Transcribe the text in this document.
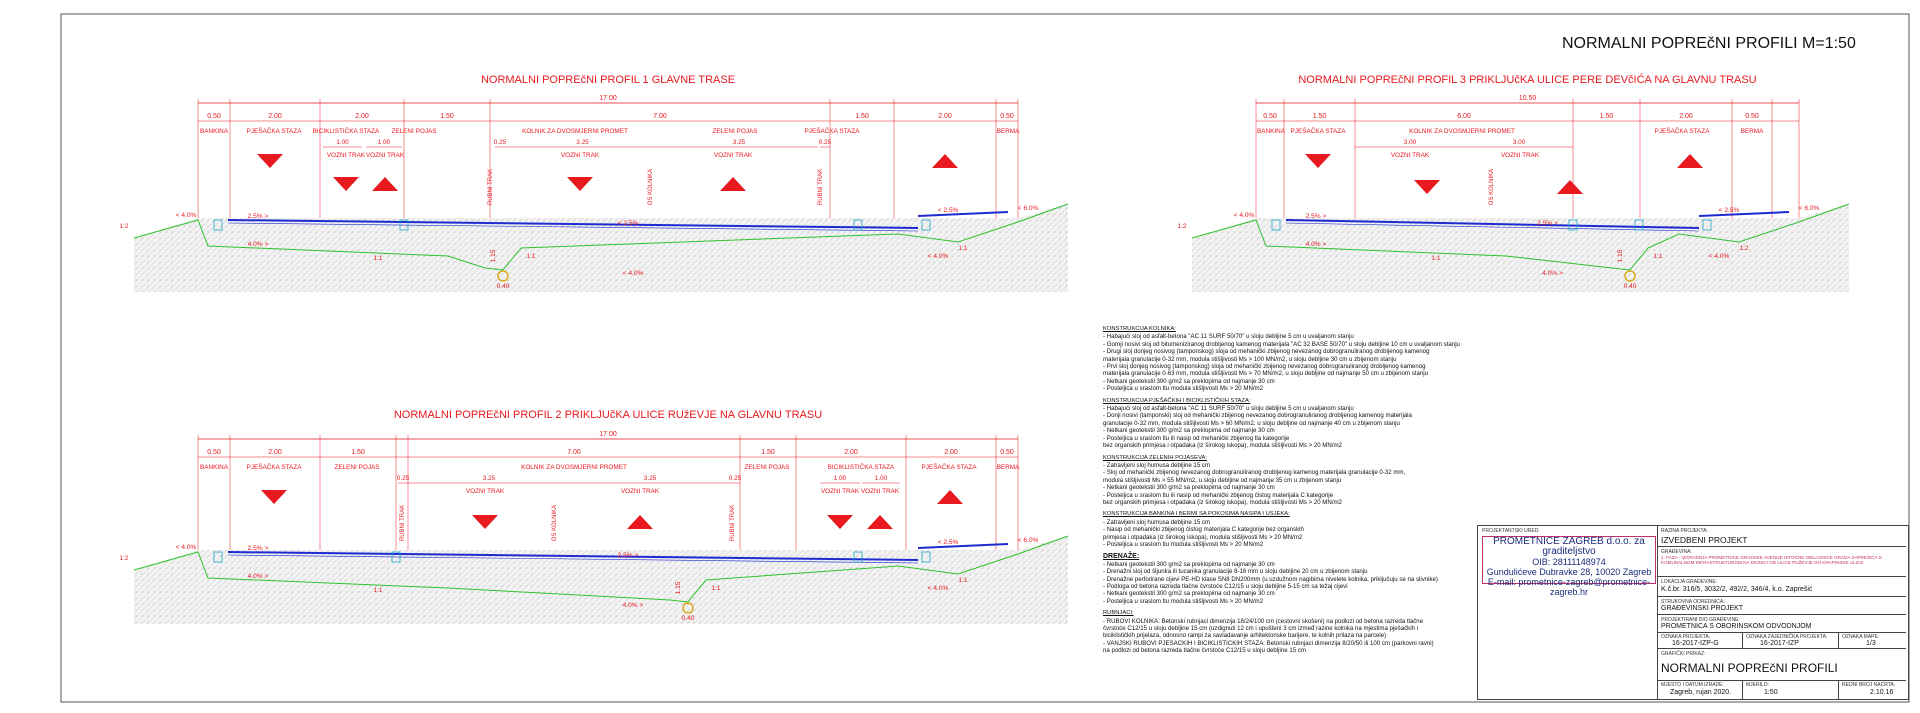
NORMALNI POPREčNI PROFILI M=1:50
NORMALNI POPREčNI PROFIL 1 GLAVNE TRASE
17.00
0.50	2.00	2.00	1.50	7.00	1.50	2.00	0.50
BANKINA	PJEŠAČKA STAZA BICIKLISTIČKA STAZA ZELENI POJAS	KOLNIK ZA DVOSMJERNI PROMET	ZELENI POJAS	PJEŠAČKA STAZA	BERMA
1.00	1.00	0.25	3.25	3.25	0.25
VOZNI TRAK VOZNI TRAK	VOZNI TRAK	VOZNI TRAK
RUBNI TRAK	OS KOLNIKA	RUBNI TRAK
< 4.0%	2.5% >
< 2.5%
< 2.5%	< 6.0%
4.0% >
< 4.0%
< 4.0%
1:1	1:1
1:1
1:2
1.15
0.40
NORMALNI POPREčNI PROFIL 2 PRIKLJUčKA ULICE RUžEVJE NA GLAVNU TRASU
17.00
0.50	2.00	1.50	7.00	1.50	2.00	2.00	0.50
BANKINA	PJEŠAČKA STAZA	ZELENI POJAS	KOLNIK ZA DVOSMJERNI PROMET	ZELENI POJAS	BICIKLISTIČKA STAZA	PJEŠAČKA STAZA	BERMA
0.25	3.25	3.25	0.25	1.00	1.00
VOZNI TRAK	VOZNI TRAK	VOZNI TRAK VOZNI TRAK
RUBNI TRAK	OS KOLNIKA	RUBNI TRAK
< 4.0%	2.5% >
2.5% >
< 2.5%	< 6.0%
4.0% >
4.0% >
< 4.0%
1:1	1:1
1:1
1:2
1.15
0.40
NORMALNI POPREčNI PROFIL 3 PRIKLJUčKA ULICE PERE DEVčIĆA NA GLAVNU TRASU
10.50
0.50	1.50	6.00	1.50	2.00	0.50
BANKINA PJEŠAČKA STAZA	KOLNIK ZA DVOSMJERNI PROMET	PJEŠAČKA STAZA	BERMA
3.00	3.00
VOZNI TRAK	VOZNI TRAK
OS KOLNIKA
< 4.0%	2.5% >
2.5% >
< 2.5%	< 6.0%
4.0% >
4.0% >
< 4.0%
1:1	1:1
1:2
1:2
1.15
0.40
KONSTRUKCIJA KOLNIKA:
- Habajući sloj od asfalt-betona "AC 11 SURF 50/70" u sloju debljine 5 cm u uvaljanom stanju
- Gornji nosivi sloj od bitumeniziranog drobljenog kamenog materijala "AC 32 BASE 50/70" u sloju debljine 10 cm u uvaljanom stanju
- Drugi sloj donjeg nosivog (tamponskog) sloja od mehanički zbijenog nevezanog dobrogranuliranog drobljenog kamenog
materijala granulacije 0-32 mm, modula stišljivosti Ms > 100 MN/m2, u sloju debljine 30 cm u zbijenom stanju
- Prvi sloj donjeg nosivog (tamponskog) sloja od mehanički zbijenog nevezanog dobrogranuliranog drobljenog kamenog
materijala granulacije 0-63 mm, modula stišljivosti Ms > 70 MN/m2, u sloju debljine od najmanje 50 cm u zbijenom stanju
- Netkani geotekstil 300 g/m2 sa preklopima od najmanje 30 cm
- Posteljica u sraslom tlu modula stišljivosti Ms > 20 MN/m2
KONSTRUKCIJA PJEŠAČKIH I BICIKLISTIČKIH STAZA:
- Habajući sloj od asfalt-betona "AC 11 SURF 50/70" u sloju debljine 5 cm u uvaljanom stanju
- Donji nosivi (tamponski) sloj od mehanički zbijenog nevezanog dobrogranuliranog drobljenog kamenog materijala
granulacije 0-32 mm, modula stišljivosti Ms > 60 MN/m2, u sloju debljine od najmanje 40 cm u zbijenom stanju
- Netkani geotekstil 300 g/m2 sa preklopima od najmanje 30 cm
- Posteljica u sraslom tlu ili nasip od mehanički zbijenog tla kategorije
bez organskih primjesa i otpadaka (iz širokog iskopa), modula stišljivosti Ms > 20 MN/m2
KONSTRUKCIJA ZELENIH POJASEVA:
- Zatravljeni sloj humusa debljine 15 cm
- Sloj od mehanički zbijenog nevezanog dobrogranuliranog drobljenog kamenog materijala granulacije 0-32 mm,
modula stišljivosti Ms > 55 MN/m2, u sloju debljine od najmanje 35 cm u zbijenom stanju
- Netkani geotekstil 300 g/m2 sa preklopima od najmanje 30 cm
- Posteljica u sraslom tlu ili nasip od mehanički zbijenog čistog materijala C kategorije
bez organskih primjesa i otpadaka (iz širokog iskopa), modula stišljivosti Ms > 20 MN/m2
KONSTRUKCIJA BANKINA I BERMI SA POKOSIMA NASIPA I USJEKA:
- Zatravljeni sloj humusa debljine 15 cm
- Nasip od mehanički zbijenog čistog materijala C kategorije bez organskih
primjesa i otpadaka (iz širokog iskopa), modula stišljivosti Ms > 20 MN/m2
- Posteljica u sraslom tlu modula stišljivosti Ms > 20 MN/m2
DRENAŽE:
- Netkani geotekstil 300 g/m2 sa preklopima od najmanje 30 cm
- Drenažni sloj od šljunka ili tucanika granulacije 8-16 mm u sloju debljine 20 cm u zbijenom stanju
- Drenažne perforirane cijevi PE-HD klase SN8 DN200mm (u uzdužnom nagibima nivelete kolnika, priključuju se na slivnike)
- Podloga od betona razreda tlačne čvrstoće C12/15 u sloju debljine 5-15 cm sa težaj cijevi
- Netkani geotekstil 300 g/m2 sa preklopima od najmanje 30 cm
- Posteljica u sraslom tlu modula stišljivosti Ms > 20 MN/m2
RUBNJACI:
- RUBOVI KOLNIKA: Betonski rubnjaci dimenzija 18/24/100 cm (cestovni skošeni) na podlozi od betona razreda tlačne
čvrstoće C12/15 u sloju debljine 15 cm (uzdignuti 12 cm i upušteni 3 cm izmeđ razine kolnika na mjestima pješačkih i
biciklističkih prijelaza, odnosno rampi za savladavanje arhitektonske barijere, te kolnih prilaza na parcele)
- VANJSKI RUBOVI PJEŠAČKIH I BICIKLISTIČKIH STAZA: Betonski rubnjaci dimenzija 8/20/50 ili 100 cm (parkovni ravni)
na podlozi od betona razreda tlačne čvrstoće C12/15 u sloju debljine 15 cm
PROJEKTANTSKI URED:
PROMETNICE ZAGREB d.o.o. za graditeljstvo
OIB: 28111148974
Gundulićeve Dubravke 28, 10020 Zagreb
E-mail: prometnice-zagreb@prometnice-zagreb.hr
RAZINA PROJEKTA:
IZVEDBENI PROJEKT
GRAĐEVINA:
1. FAZA - IZGRADNJA PROMETNICE GRADSKE AVENIJE ISTOČNE OBILAZNICE GRADA ZAPREŠIĆA S KOMUNALNOM INFRASTRUKTUROM NA DIONICI OD ULICE PUŽEVJE DO KRAPINSKE ULICE
LOKACIJA GRAĐEVINE:
K.č.br. 316/5, 3032/2, 492/2, 346/4, k.o. Zaprešić
STRUKOVNA ODREDNICA:
GRAĐEVINSKI PROJEKT
PROJEKTIRANI DIO GRAĐEVINE:
PROMETNICA S OBORINSKOM ODVODNJOM
OZNAKA PROJEKTA:
16-2017-IZP-G
OZNAKA ZAJEDNIČKA PROJEKTA:
16-2017-IZP
OZNAKA MAPE:
1/3
GRAFIČKI PRIKAZ:
NORMALNI POPREčNI PROFILI
MJESTO I DATUM IZRADE:
Zagreb, rujan 2020.
MJERILO:
1:50
REDNI BROJ NACRTA:
2.10.16
